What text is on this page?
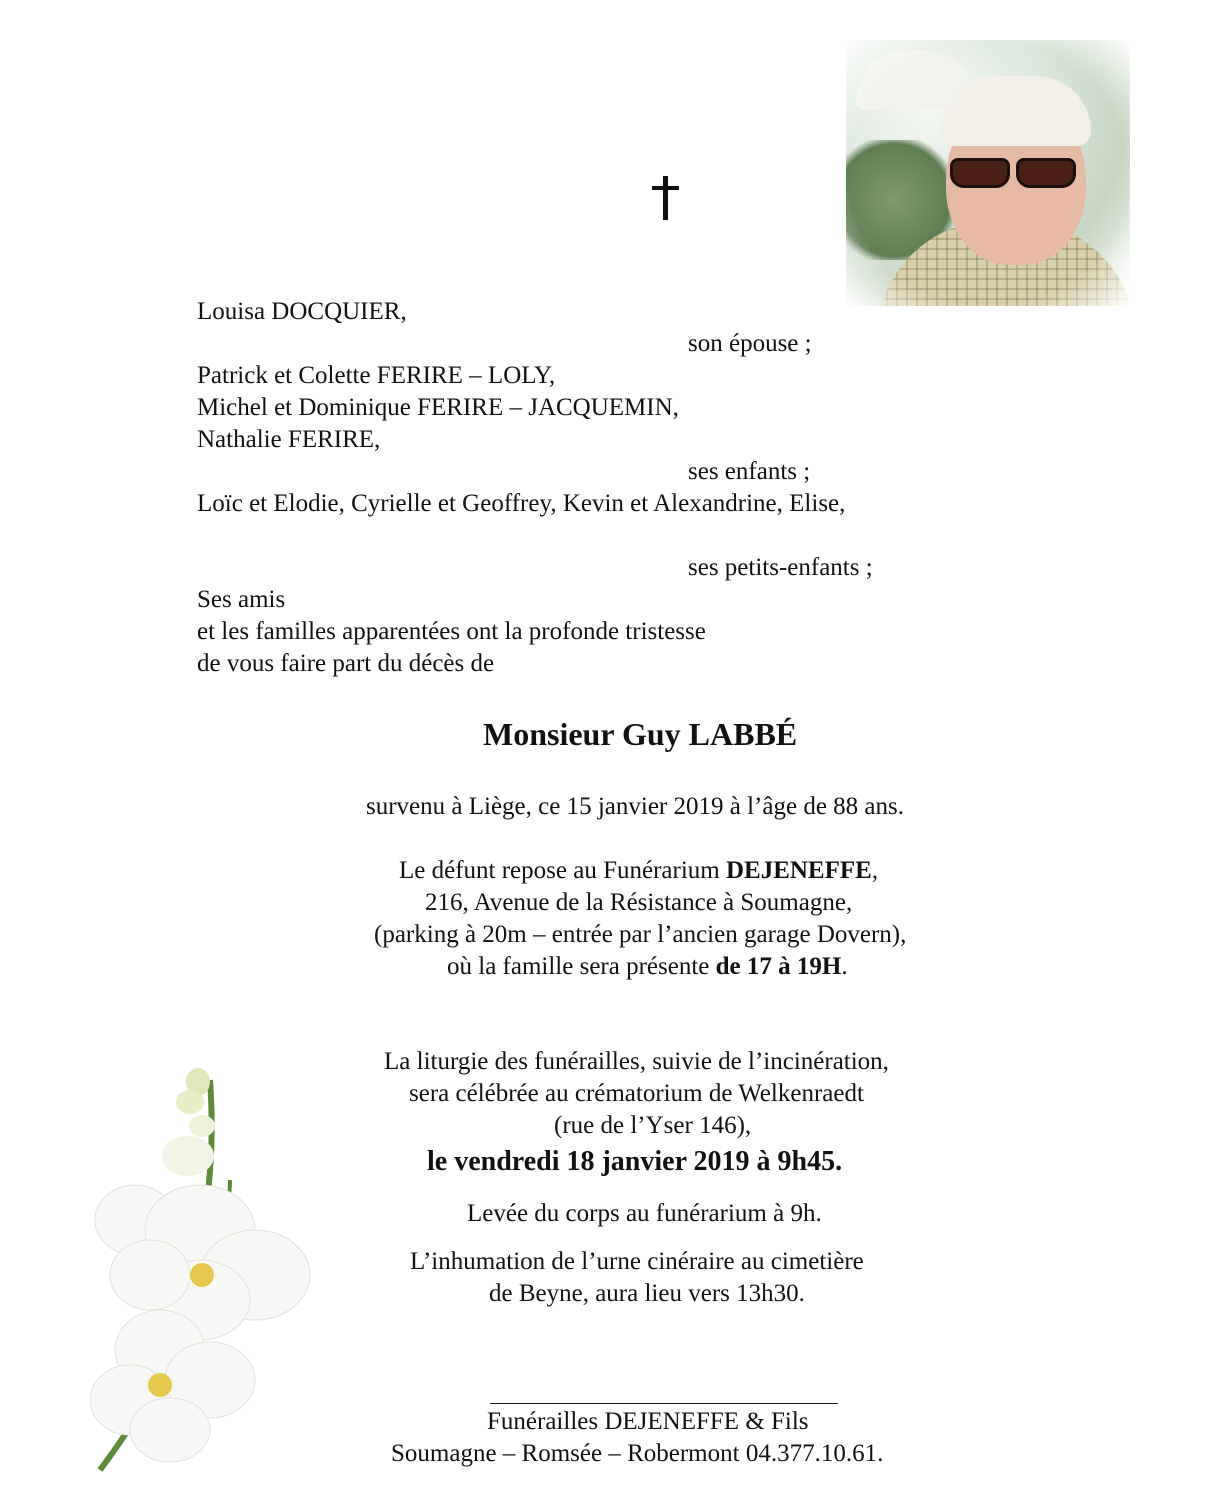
Louisa DOCQUIER,
son épouse ;
Patrick et Colette FERIRE – LOLY,
Michel et Dominique FERIRE – JACQUEMIN,
Nathalie FERIRE,
ses enfants ;
Loïc et Elodie, Cyrielle et Geoffrey, Kevin et Alexandrine, Elise,
ses petits-enfants ;
Ses amis
et les familles apparentées ont la profonde tristesse
de vous faire part du décès de
Monsieur Guy LABBÉ
survenu à Liège, ce 15 janvier 2019 à l’âge de 88 ans.
Le défunt repose au Funérarium DEJENEFFE,
216, Avenue de la Résistance à Soumagne,
(parking à 20m – entrée par l’ancien garage Dovern),
où la famille sera présente de 17 à 19H.
La liturgie des funérailles, suivie de l’incinération,
sera célébrée au crématorium de Welkenraedt
(rue de l’Yser 146),
le vendredi 18 janvier 2019 à 9h45.
Levée du corps au funérarium à 9h.
L’inhumation de l’urne cinéraire au cimetière
de Beyne, aura lieu vers 13h30.
Funérailles DEJENEFFE & Fils
Soumagne – Romsée – Robermont 04.377.10.61.
